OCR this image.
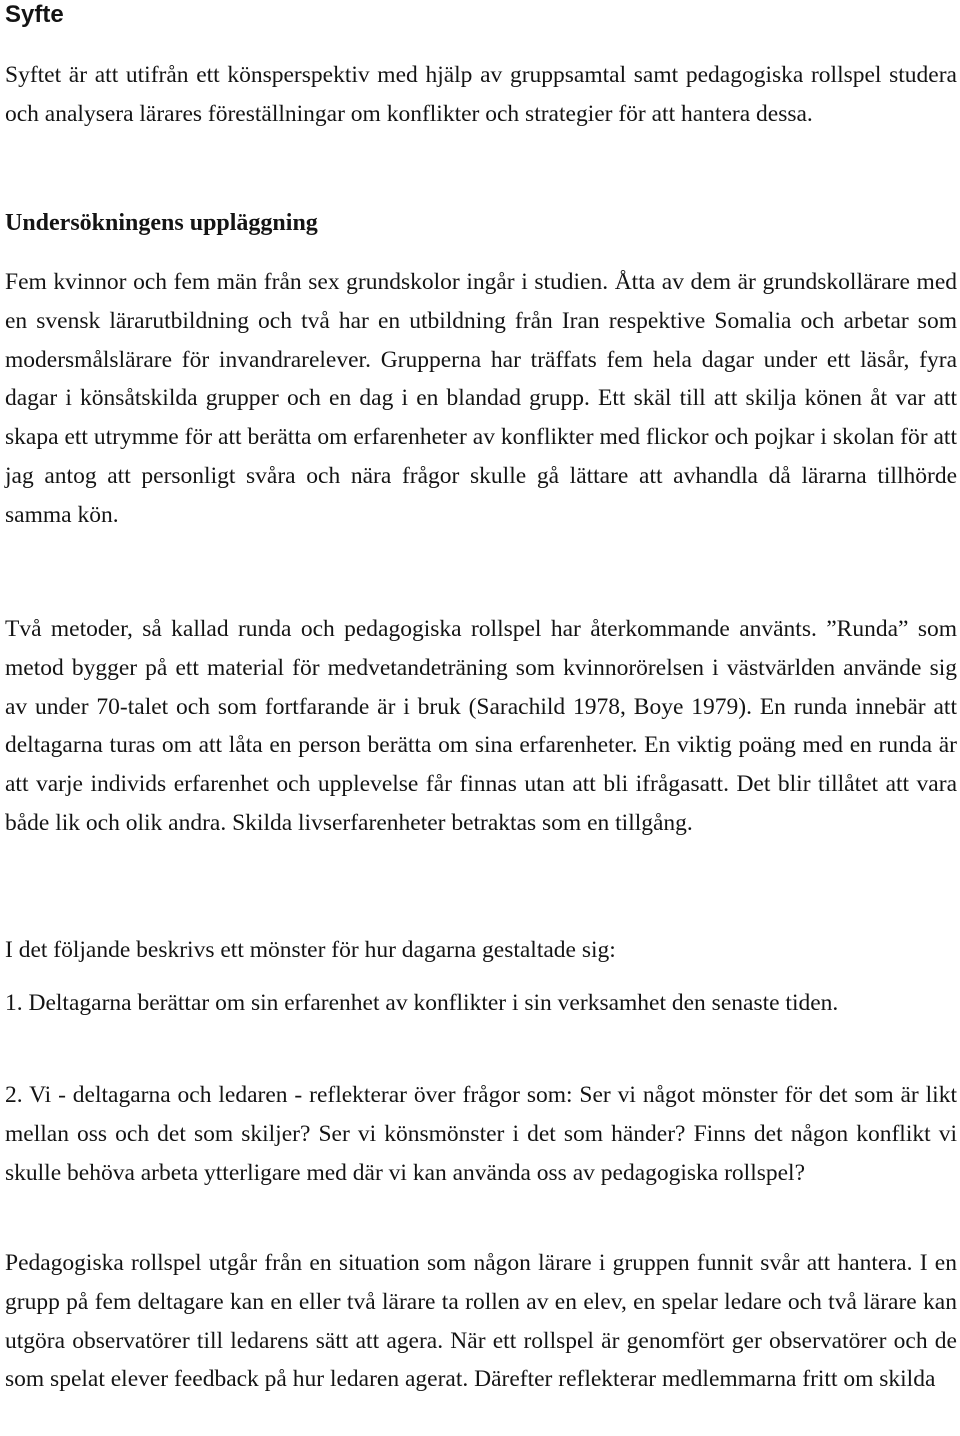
Syfte

Syftet är att utifrån ett könsperspektiv med hjälp av gruppsamtal samt pedagogiska rollspel studera och analysera lärares föreställningar om konflikter och strategier för att hantera dessa.

Undersökningens uppläggning

Fem kvinnor och fem män från sex grundskolor ingår i studien. Åtta av dem är grundskollärare med en svensk lärarutbildning och två har en utbildning från Iran respektive Somalia och arbetar som modersmålslärare för invandrarelever. Grupperna har träffats fem hela dagar under ett läsår, fyra dagar i könsåtskilda grupper och en dag i en blandad grupp. Ett skäl till att skilja könen åt var att skapa ett utrymme för att berätta om erfarenheter av konflikter med flickor och pojkar i skolan för att jag antog att personligt svåra och nära frågor skulle gå lättare att avhandla då lärarna tillhörde samma kön.

Två metoder, så kallad runda och pedagogiska rollspel har återkommande använts. ”Runda” som metod bygger på ett material för medvetandeträning som kvinnorörelsen i västvärlden använde sig av under 70-talet och som fortfarande är i bruk (Sarachild 1978, Boye 1979). En runda innebär att deltagarna turas om att låta en person berätta om sina erfarenheter. En viktig poäng med en runda är att varje individs erfarenhet och upplevelse får finnas utan att bli ifrågasatt. Det blir tillåtet att vara både lik och olik andra. Skilda livserfarenheter betraktas som en tillgång.

I det följande beskrivs ett mönster för hur dagarna gestaltade sig:

1. Deltagarna berättar om sin erfarenhet av konflikter i sin verksamhet den senaste tiden.

2. Vi - deltagarna och ledaren - reflekterar över frågor som: Ser vi något mönster för det som är likt mellan oss och det som skiljer? Ser vi könsmönster i det som händer? Finns det någon konflikt vi skulle behöva arbeta ytterligare med där vi kan använda oss av pedagogiska rollspel?

Pedagogiska rollspel utgår från en situation som någon lärare i gruppen funnit svår att hantera. I en grupp på fem deltagare kan en eller två lärare ta rollen av en elev, en spelar ledare och två lärare kan utgöra observatörer till ledarens sätt att agera. När ett rollspel är genomfört ger observatörer och de som spelat elever feedback på hur ledaren agerat. Därefter reflekterar medlemmarna fritt om skilda
